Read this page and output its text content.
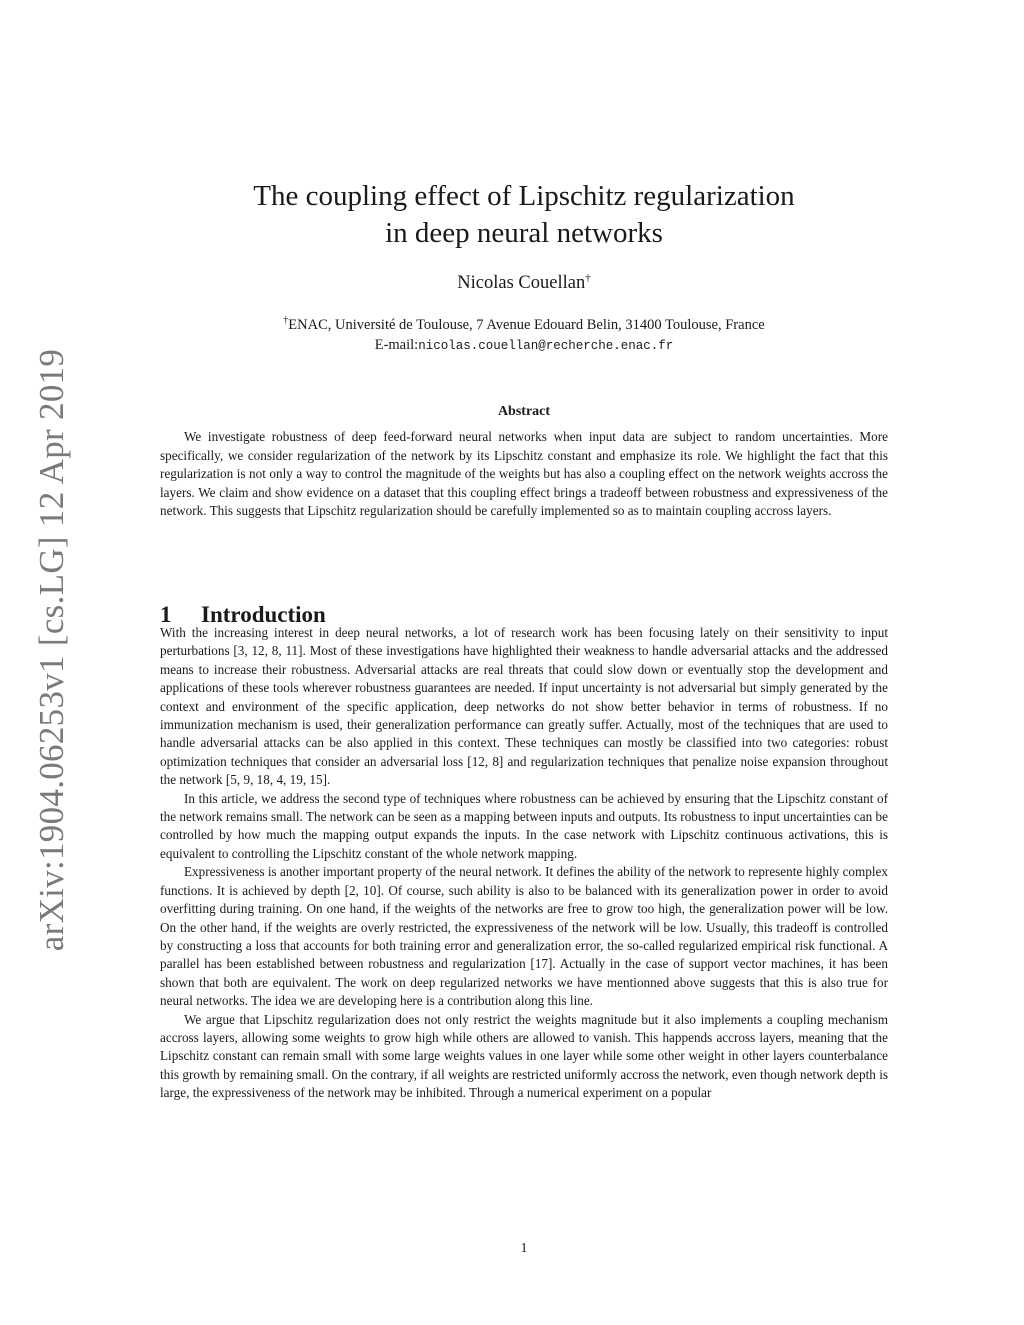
arXiv:1904.06253v1 [cs.LG] 12 Apr 2019
The coupling effect of Lipschitz regularization
in deep neural networks
Nicolas Couellan†
†ENAC, Université de Toulouse, 7 Avenue Edouard Belin, 31400 Toulouse, France
E-mail:nicolas.couellan@recherche.enac.fr
Abstract

We investigate robustness of deep feed-forward neural networks when input data are subject to random uncertainties. More specifically, we consider regularization of the network by its Lipschitz constant and emphasize its role. We highlight the fact that this regularization is not only a way to control the magnitude of the weights but has also a coupling effect on the network weights accross the layers. We claim and show evidence on a dataset that this coupling effect brings a tradeoff between robustness and expressiveness of the network. This suggests that Lipschitz regularization should be carefully implemented so as to maintain coupling accross layers.

1 Introduction

With the increasing interest in deep neural networks, a lot of research work has been focusing lately on their sensitivity to input perturbations [3, 12, 8, 11]. Most of these investigations have highlighted their weakness to handle adversarial attacks and the addressed means to increase their robustness. Adversarial attacks are real threats that could slow down or eventually stop the development and applications of these tools wherever robustness guarantees are needed. If input uncertainty is not adversarial but simply generated by the context and environment of the specific application, deep networks do not show better behavior in terms of robustness. If no immunization mechanism is used, their generalization performance can greatly suffer. Actually, most of the techniques that are used to handle adversarial attacks can be also applied in this context. These techniques can mostly be classified into two categories: robust optimization techniques that consider an adversarial loss [12, 8] and regularization techniques that penalize noise expansion throughout the network [5, 9, 18, 4, 19, 15].

In this article, we address the second type of techniques where robustness can be achieved by ensuring that the Lipschitz constant of the network remains small. The network can be seen as a mapping between inputs and outputs. Its robustness to input uncertainties can be controlled by how much the mapping output expands the inputs. In the case network with Lipschitz continuous activations, this is equivalent to controlling the Lipschitz constant of the whole network mapping.

Expressiveness is another important property of the neural network. It defines the ability of the network to represente highly complex functions. It is achieved by depth [2, 10]. Of course, such ability is also to be balanced with its generalization power in order to avoid overfitting during training. On one hand, if the weights of the networks are free to grow too high, the generalization power will be low. On the other hand, if the weights are overly restricted, the expressiveness of the network will be low. Usually, this tradeoff is controlled by constructing a loss that accounts for both training error and generalization error, the so-called regularized empirical risk functional. A parallel has been established between robustness and regularization [17]. Actually in the case of support vector machines, it has been shown that both are equivalent. The work on deep regularized networks we have mentionned above suggests that this is also true for neural networks. The idea we are developing here is a contribution along this line.

We argue that Lipschitz regularization does not only restrict the weights magnitude but it also implements a coupling mechanism accross layers, allowing some weights to grow high while others are allowed to vanish. This happends accross layers, meaning that the Lipschitz constant can remain small with some large weights values in one layer while some other weight in other layers counterbalance this growth by remaining small. On the contrary, if all weights are restricted uniformly accross the network, even though network depth is large, the expressiveness of the network may be inhibited. Through a numerical experiment on a popular

1
